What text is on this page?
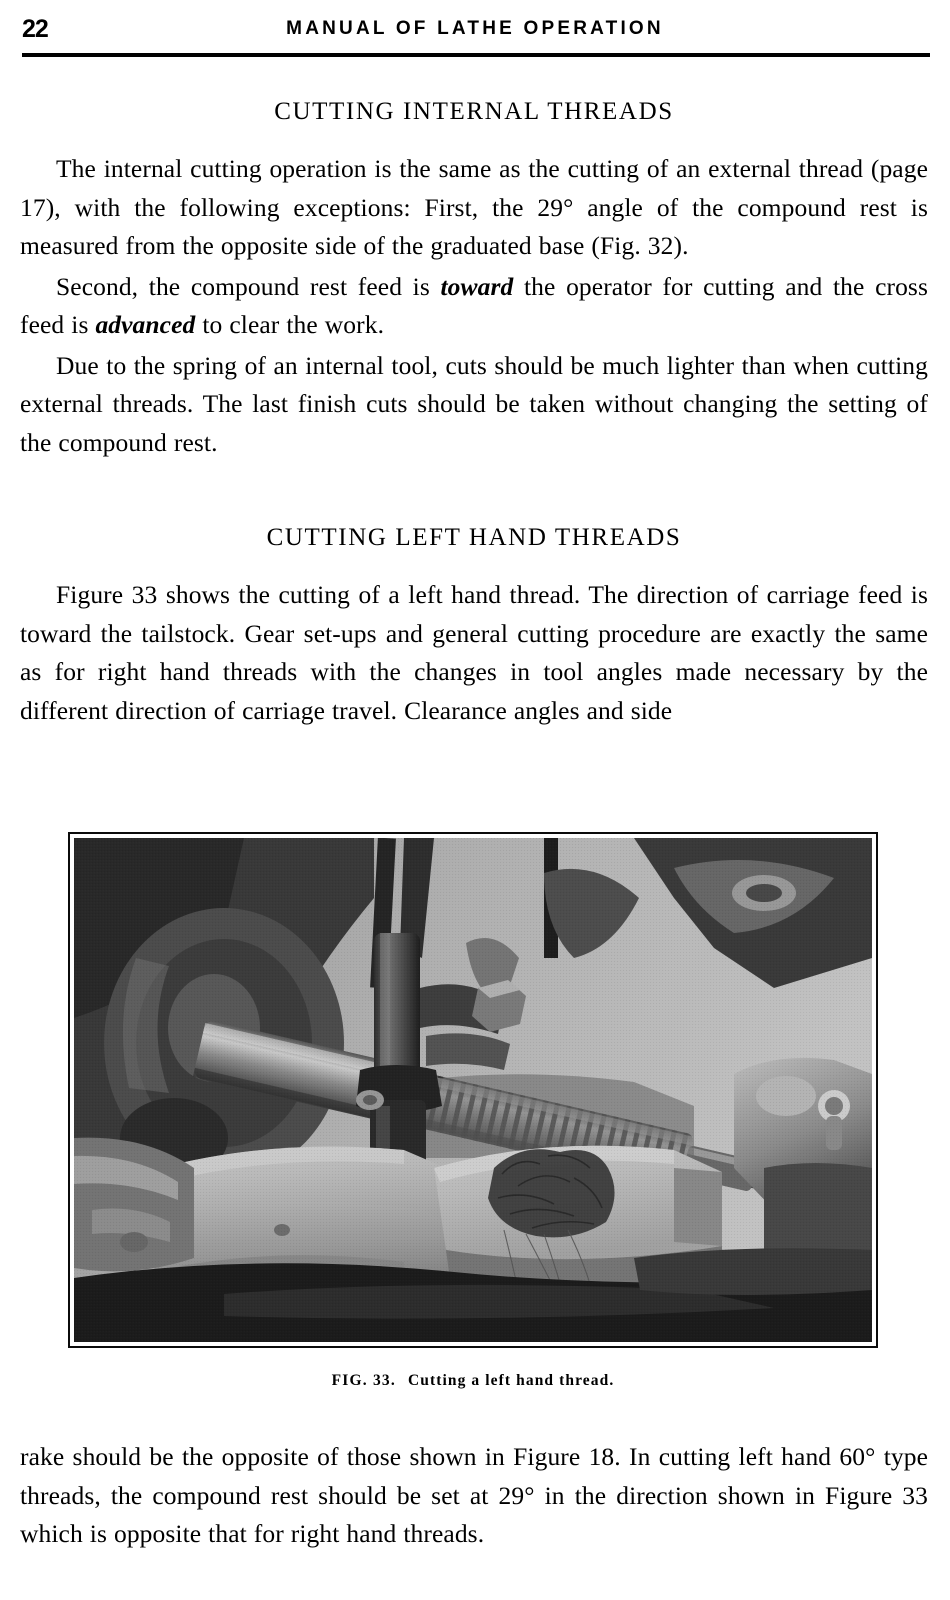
22	MANUAL OF LATHE OPERATION
CUTTING INTERNAL THREADS

The internal cutting operation is the same as the cutting of an external thread (page 17), with the following exceptions: First, the 29° angle of the compound rest is measured from the opposite side of the graduated base (Fig. 32).

Second, the compound rest feed is toward the operator for cutting and the cross feed is advanced to clear the work.

Due to the spring of an internal tool, cuts should be much lighter than when cutting external threads. The last finish cuts should be taken without changing the setting of the compound rest.

CUTTING LEFT HAND THREADS

Figure 33 shows the cutting of a left hand thread. The direction of carriage feed is toward the tailstock. Gear set-ups and general cutting procedure are exactly the same as for right hand threads with the changes in tool angles made necessary by the different direction of carriage travel. Clearance angles and side

FIG. 33. Cutting a left hand thread.

rake should be the opposite of those shown in Figure 18. In cutting left hand 60° type threads, the compound rest should be set at 29° in the direction shown in Figure 33 which is opposite that for right hand threads.
